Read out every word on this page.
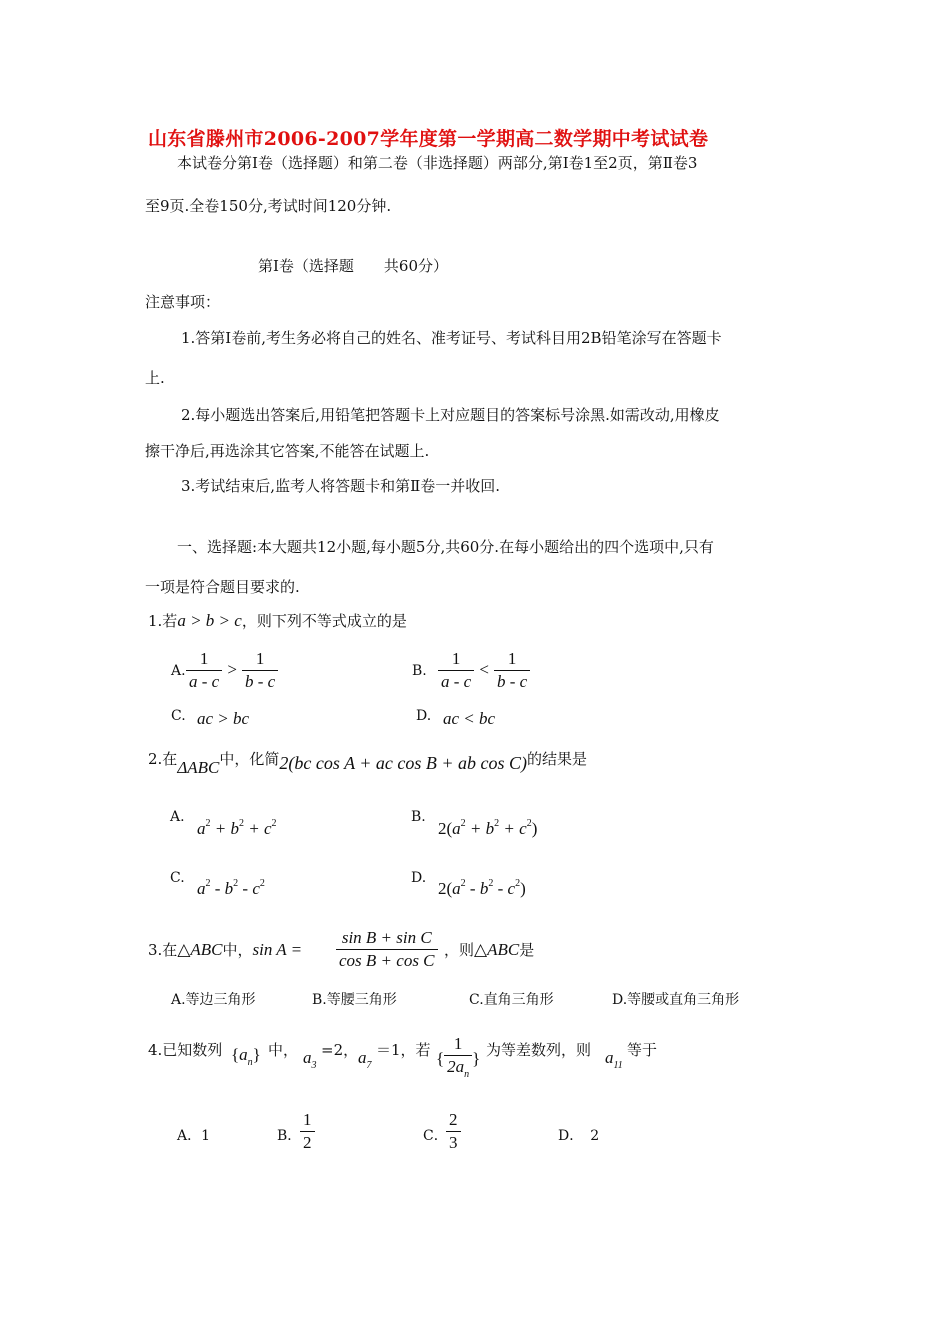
山东省滕州市2006-2007学年度第一学期高二数学期中考试试卷
本试卷分第Ⅰ卷（选择题）和第二卷（非选择题）两部分,第Ⅰ卷1至2页，第Ⅱ卷3
至9页.全卷150分,考试时间120分钟.
第Ⅰ卷（选择题　　共60分）
注意事项：
1.答第Ⅰ卷前,考生务必将自己的姓名、准考证号、考试科目用2B铅笔涂写在答题卡
上.
2.每小题选出答案后,用铅笔把答题卡上对应题目的答案标号涂黑.如需改动,用橡皮
擦干净后,再选涂其它答案,不能答在试题上.
3.考试结束后,监考人将答题卡和第Ⅱ卷一并收回.
一、选择题:本大题共12小题,每小题5分,共60分.在每小题给出的四个选项中,只有
一项是符合题目要求的.
1.若a > b > c，则下列不等式成立的是
A. $\frac{1}{a - c} > \frac{1}{b - c}$	B. $\frac{1}{a - c} < \frac{1}{b - c}$
C. ac > bc	D. ac < bc
2.在ΔABC中，化简2(bc cos A + ac cos B + ab cos C)的结果是
A.
$a^2 + b^2 + c^2$	B.
$2(a^2 + b^2 + c^2)$
C.
$a^2 - b^2 - c^2$	D.
$2(a^2 - b^2 - c^2)$
3.在△ABC中，$\sin A = \frac{\text{sin B + sin C}}{\text{cos B + cos C}}$ ，则△ABC是
A.等边三角形	B.等腰三角形	C.直角三角形	D.等腰或直角三角形
4.已知数列 $\{a_n\}$ 中， $a_3$
=2， $a_7$
＝1，若 { $\frac{1}{2a_n}$ } 为等差数列，则 $a_{11}$
等于
A．1	B．
$\frac{1}{2}$	C．
$\frac{2}{3}$	D．　2
